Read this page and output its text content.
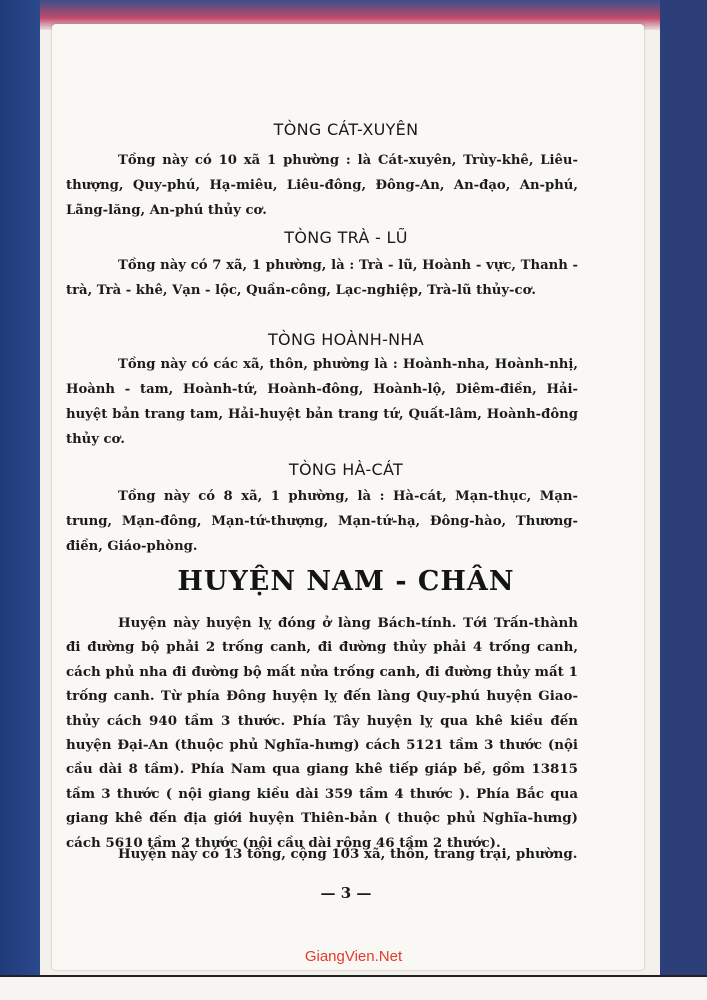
TÒNG CÁT-XUYÊN
Tồng này có 10 xã 1 phường : là Cát-xuyên, Trùy-khê, Liêu-thượng, Quy-phú, Hạ-miêu, Liêu-đông, Đông-An, An-đạo, An-phú, Lãng-lăng, An-phú thủy cơ.
TÒNG TRÀ - LŨ
Tồng này có 7 xã, 1 phường, là : Trà - lũ, Hoành - vực, Thanh - trà, Trà - khê, Vạn - lộc, Quần-công, Lạc-nghiệp, Trà-lũ thủy-cơ.
TÒNG HOÀNH-NHA
Tồng này có các xã, thôn, phường là : Hoành-nha, Hoành-nhị, Hoành - tam, Hoành-tứ, Hoành-đông, Hoành-lộ, Diêm-điền, Hải-huyệt bản trang tam, Hải-huyệt bản trang tứ, Quất-lâm, Hoành-đông thủy cơ.
TÒNG HÀ-CÁT
Tồng này có 8 xã, 1 phường, là : Hà-cát, Mạn-thục, Mạn-trung, Mạn-đông, Mạn-tứ-thượng, Mạn-tứ-hạ, Đông-hào, Thương-điền, Giáo-phòng.
HUYỆN NAM - CHÂN
Huyện này huyện lỵ đóng ở làng Bách-tính. Tới Trấn-thành đi đường bộ phải 2 trống canh, đi đường thủy phải 4 trống canh, cách phủ nha đi đường bộ mất nửa trống canh, đi đường thủy mất 1 trống canh. Từ phía Đông huyện lỵ đến làng Quy-phú huyện Giao-thủy cách 940 tầm 3 thước. Phía Tây huyện lỵ qua khê kiều đến huyện Đại-An (thuộc phủ Nghĩa-hưng) cách 5121 tầm 3 thước (nội cầu dài 8 tầm). Phía Nam qua giang khê tiếp giáp bề, gồm 13815 tầm 3 thước ( nội giang kiều dài 359 tầm 4 thước ). Phía Bắc qua giang khê đến địa giới huyện Thiên-bản ( thuộc phủ Nghĩa-hưng) cách 5610 tầm 2 thước (nội cầu dài rộng 46 tầm 2 thước).
Huyện này có 13 tồng, cộng 103 xã, thôn, trang trại, phường.
— 3 —
GiangVien.Net
